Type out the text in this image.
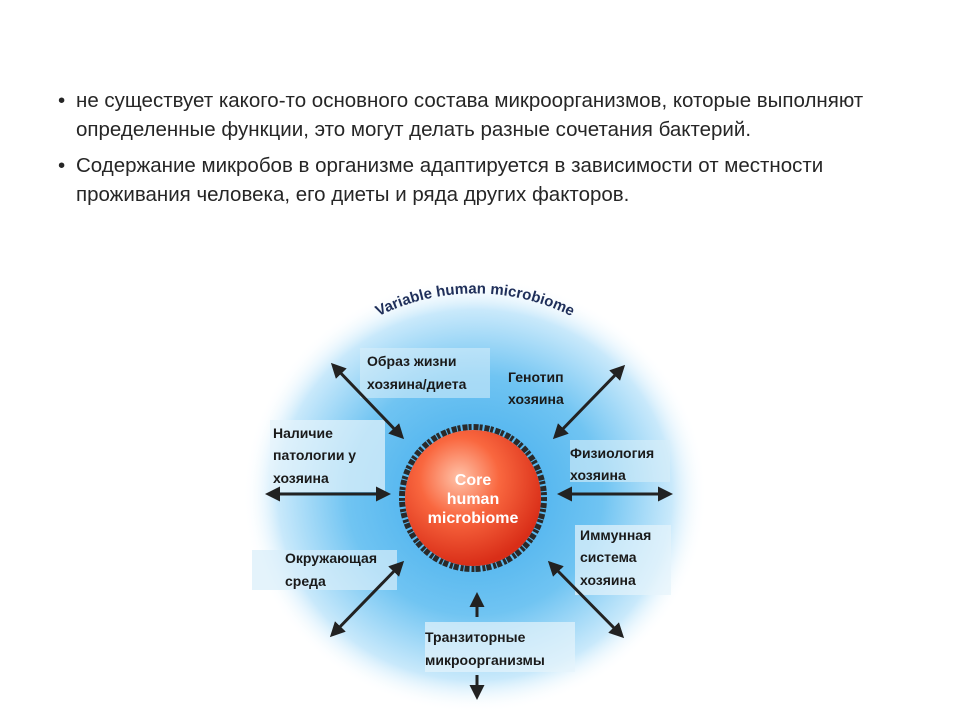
• не существует какого-то основного состава микроорганизмов, которые выполняют определенные функции, это могут делать разные сочетания бактерий.
• Содержание микробов в организме адаптируется в зависимости от местности проживания человека, его диеты и ряда других факторов.
Variable human microbiome
Core
human
microbiome
Образ жизни хозяина/диета	Генотип хозяина
Наличие патологии у хозяина
Физиология хозяина
Окружающая среда
Иммунная система хозяина
Транзиторные микроорганизмы
